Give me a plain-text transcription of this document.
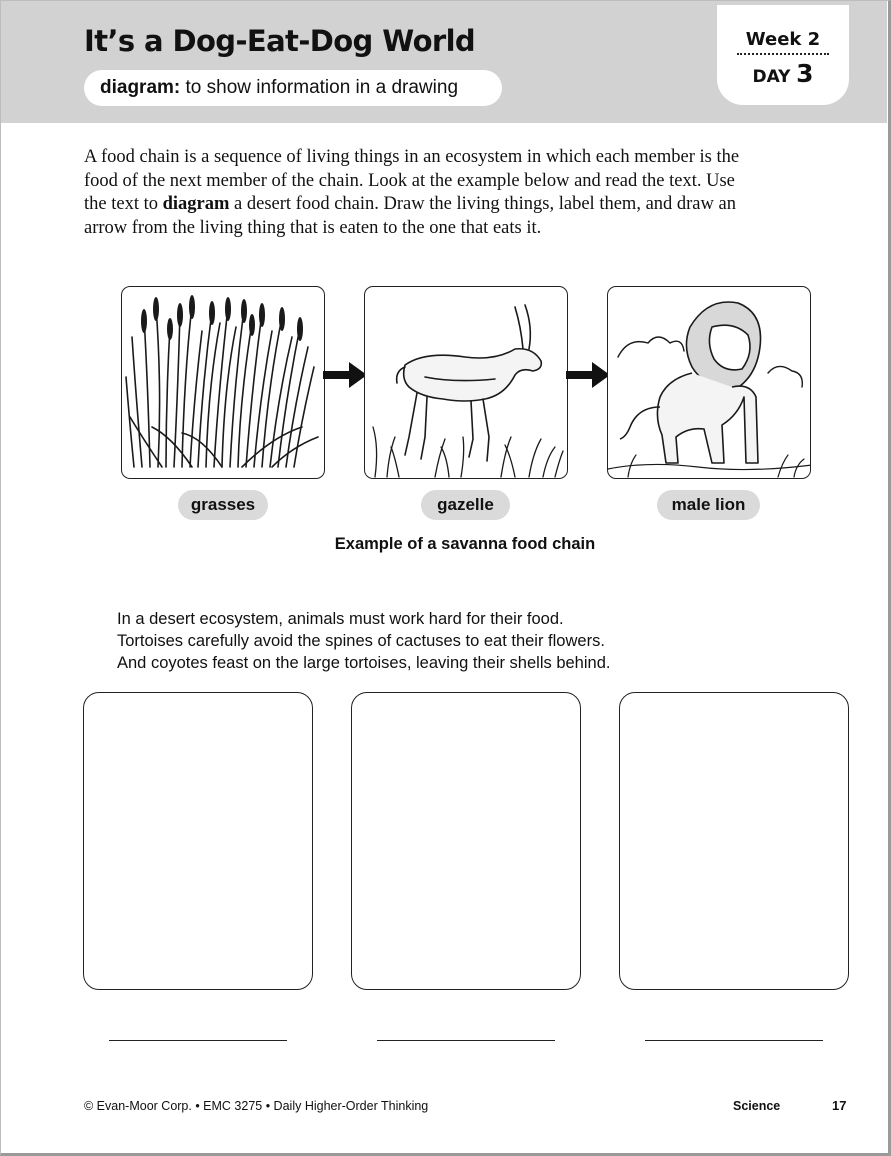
It’s a Dog-Eat-Dog World
diagram:
to show information in a drawing
Week 2
DAY 3

A food chain is a sequence of living things in an ecosystem in which each member is the food of the next member of the chain. Look at the example below and read the text. Use the text to diagram a desert food chain. Draw the living things, label them, and draw an arrow from the living thing that is eaten to the one that eats it.

grasses	gazelle	male lion
Example of a savanna food chain
In a desert ecosystem, animals must work hard for their food.
Tortoises carefully avoid the spines of cactuses to eat their flowers.
And coyotes feast on the large tortoises, leaving their shells behind.
© Evan-Moor Corp. • EMC 3275 • Daily Higher-Order Thinking	Science	17
